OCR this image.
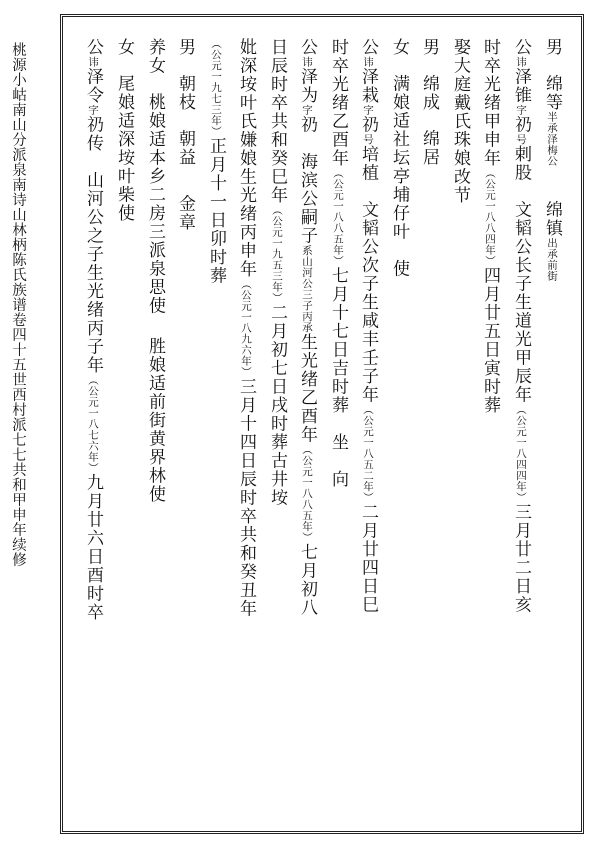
桃源小岵南山分派泉南诗山林柄陈氏族谱卷四十五世西村派七七共和甲申年续修
男绵等半承泽梅公绵镇出承前街
公讳泽锥字礽号剌股　文韬公长子生道光甲辰年（公元一八四四年）三月廿二日亥
时卒光绪甲申年（公元一八八四年）四月廿五日寅时葬
娶大庭戴氏珠娘改节
男绵成绵居
女满娘适社坛亭埔仔叶　使
公讳泽栽字礽号培植　文韬公次子生咸丰壬子年（公元一八五二年）二月廿四日巳
时卒光绪乙酉年（公元一八八五年）七月十七日吉时葬　坐　向
公讳泽为字礽　海滨公嗣子系山河公三子丙承生光绪乙酉年（公元一八八五年）七月初八
日辰时卒共和癸巳年（公元一九五三年）二月初七日戌时葬古井垵
妣深垵叶氏嫌娘生光绪丙申年（公元一八九六年）三月十四日辰时卒共和癸丑年
（公元一九七三年）正月十一日卯时葬
男朝枝朝益金章
养女桃娘适本乡二房三派泉思使胜娘适前街黄界林使
女尾娘适深垵叶柴使
公讳泽令字礽传　山河公之子生光绪丙子年（公元一八七六年）九月廿六日酉时卒
